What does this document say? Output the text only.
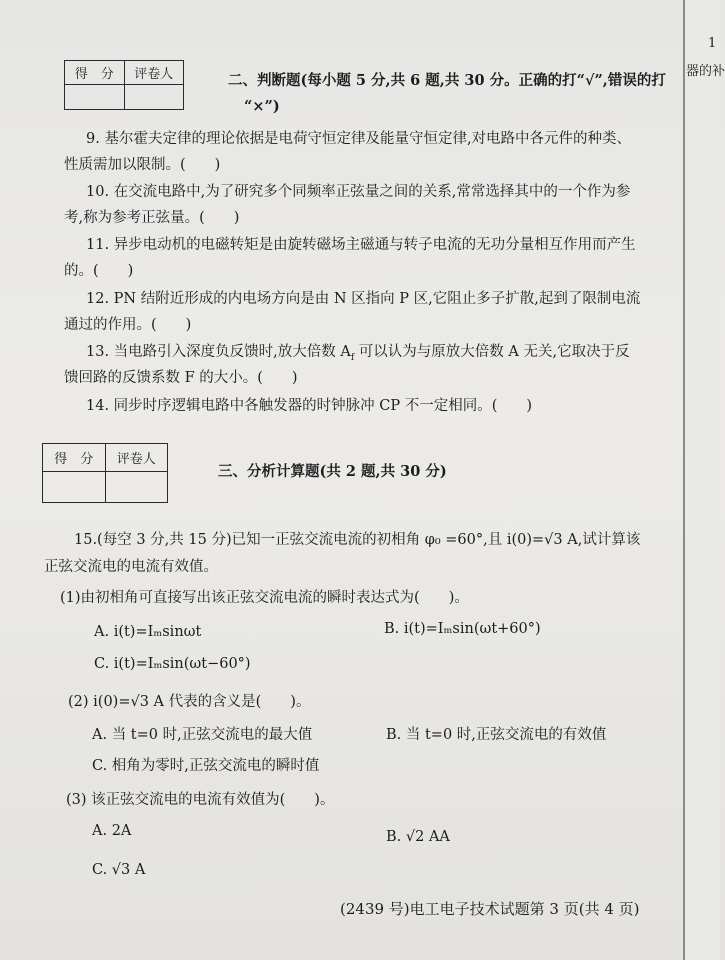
1
器的补
得　分	评卷人
		二、判断题(每小题 5 分,共 6 题,共 30 分。正确的打“√”,错误的打
“×”)
9. 基尔霍夫定律的理论依据是电荷守恒定律及能量守恒定律,对电路中各元件的种类、
性质需加以限制。(　　)
10. 在交流电路中,为了研究多个同频率正弦量之间的关系,常常选择其中的一个作为参
考,称为参考正弦量。(　　)
11. 异步电动机的电磁转矩是由旋转磁场主磁通与转子电流的无功分量相互作用而产生
的。(　　)
12. PN 结附近形成的内电场方向是由 N 区指向 P 区,它阻止多子扩散,起到了限制电流
通过的作用。(　　)
13. 当电路引入深度负反馈时,放大倍数 $A_f$ 可以认为与原放大倍数 A 无关,它取决于反
馈回路的反馈系数 F 的大小。(　　)
14. 同步时序逻辑电路中各触发器的时钟脉冲 CP 不一定相同。(　　)
得　分	评卷人

三、分析计算题(共 2 题,共 30 分)
15.(每空 3 分,共 15 分)已知一正弦交流电流的初相角 φ₀ =60°,且 i(0)=√3 A,试计算该
正弦交流电的电流有效值。
(1)由初相角可直接写出该正弦交流电流的瞬时表达式为(　　)。
A. i(t)=Iₘsinωt	B. i(t)=Iₘsin(ωt+60°)
C. i(t)=Iₘsin(ωt−60°)
(2) i(0)=√3 A 代表的含义是(　　)。
A. 当 t=0 时,正弦交流电的最大值	B. 当 t=0 时,正弦交流电的有效值
C. 相角为零时,正弦交流电的瞬时值
(3) 该正弦交流电的电流有效值为(　　)。
A. 2A	B. √2 AA
C. √3 A
(2439 号)电工电子技术试题第 3 页(共 4 页)
